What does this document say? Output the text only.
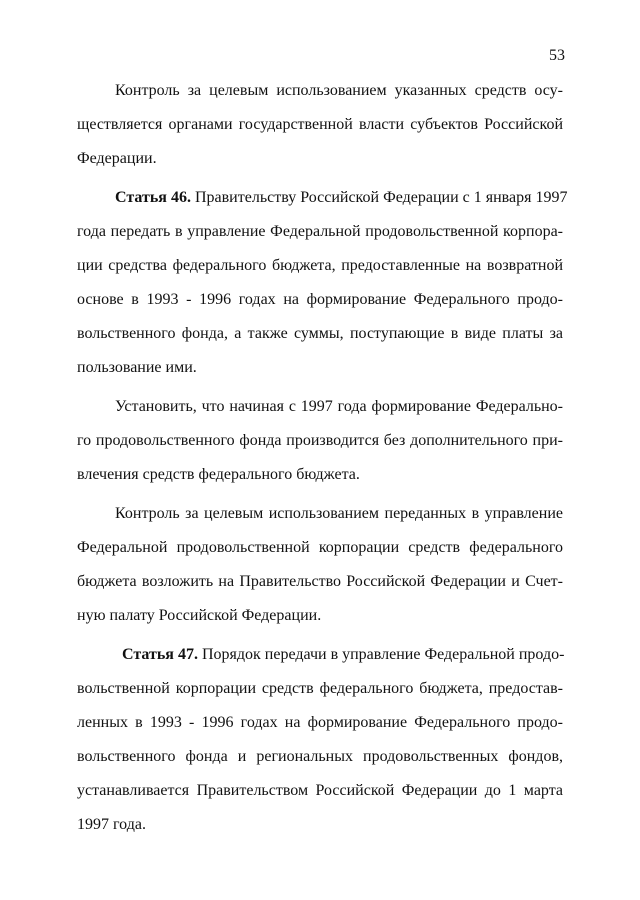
53
Контроль за целевым использованием указанных средств осу-
ществляется органами государственной власти субъектов Российской
Федерации.
Статья 46. Правительству Российской Федерации с 1 января 1997
года передать в управление Федеральной продовольственной корпора-
ции средства федерального бюджета, предоставленные на возвратной
основе в 1993 - 1996 годах на формирование Федерального продо-
вольственного фонда, а также суммы, поступающие в виде платы за
пользование ими.
Установить, что начиная с 1997 года формирование Федерально-
го продовольственного фонда производится без дополнительного при-
влечения средств федерального бюджета.
Контроль за целевым использованием переданных в управление
Федеральной продовольственной корпорации средств федерального
бюджета возложить на Правительство Российской Федерации и Счет-
ную палату Российской Федерации.
Статья 47. Порядок передачи в управление Федеральной продо-
вольственной корпорации средств федерального бюджета, предостав-
ленных в 1993 - 1996 годах на формирование Федерального продо-
вольственного фонда и региональных продовольственных фондов,
устанавливается Правительством Российской Федерации до 1 марта
1997 года.
